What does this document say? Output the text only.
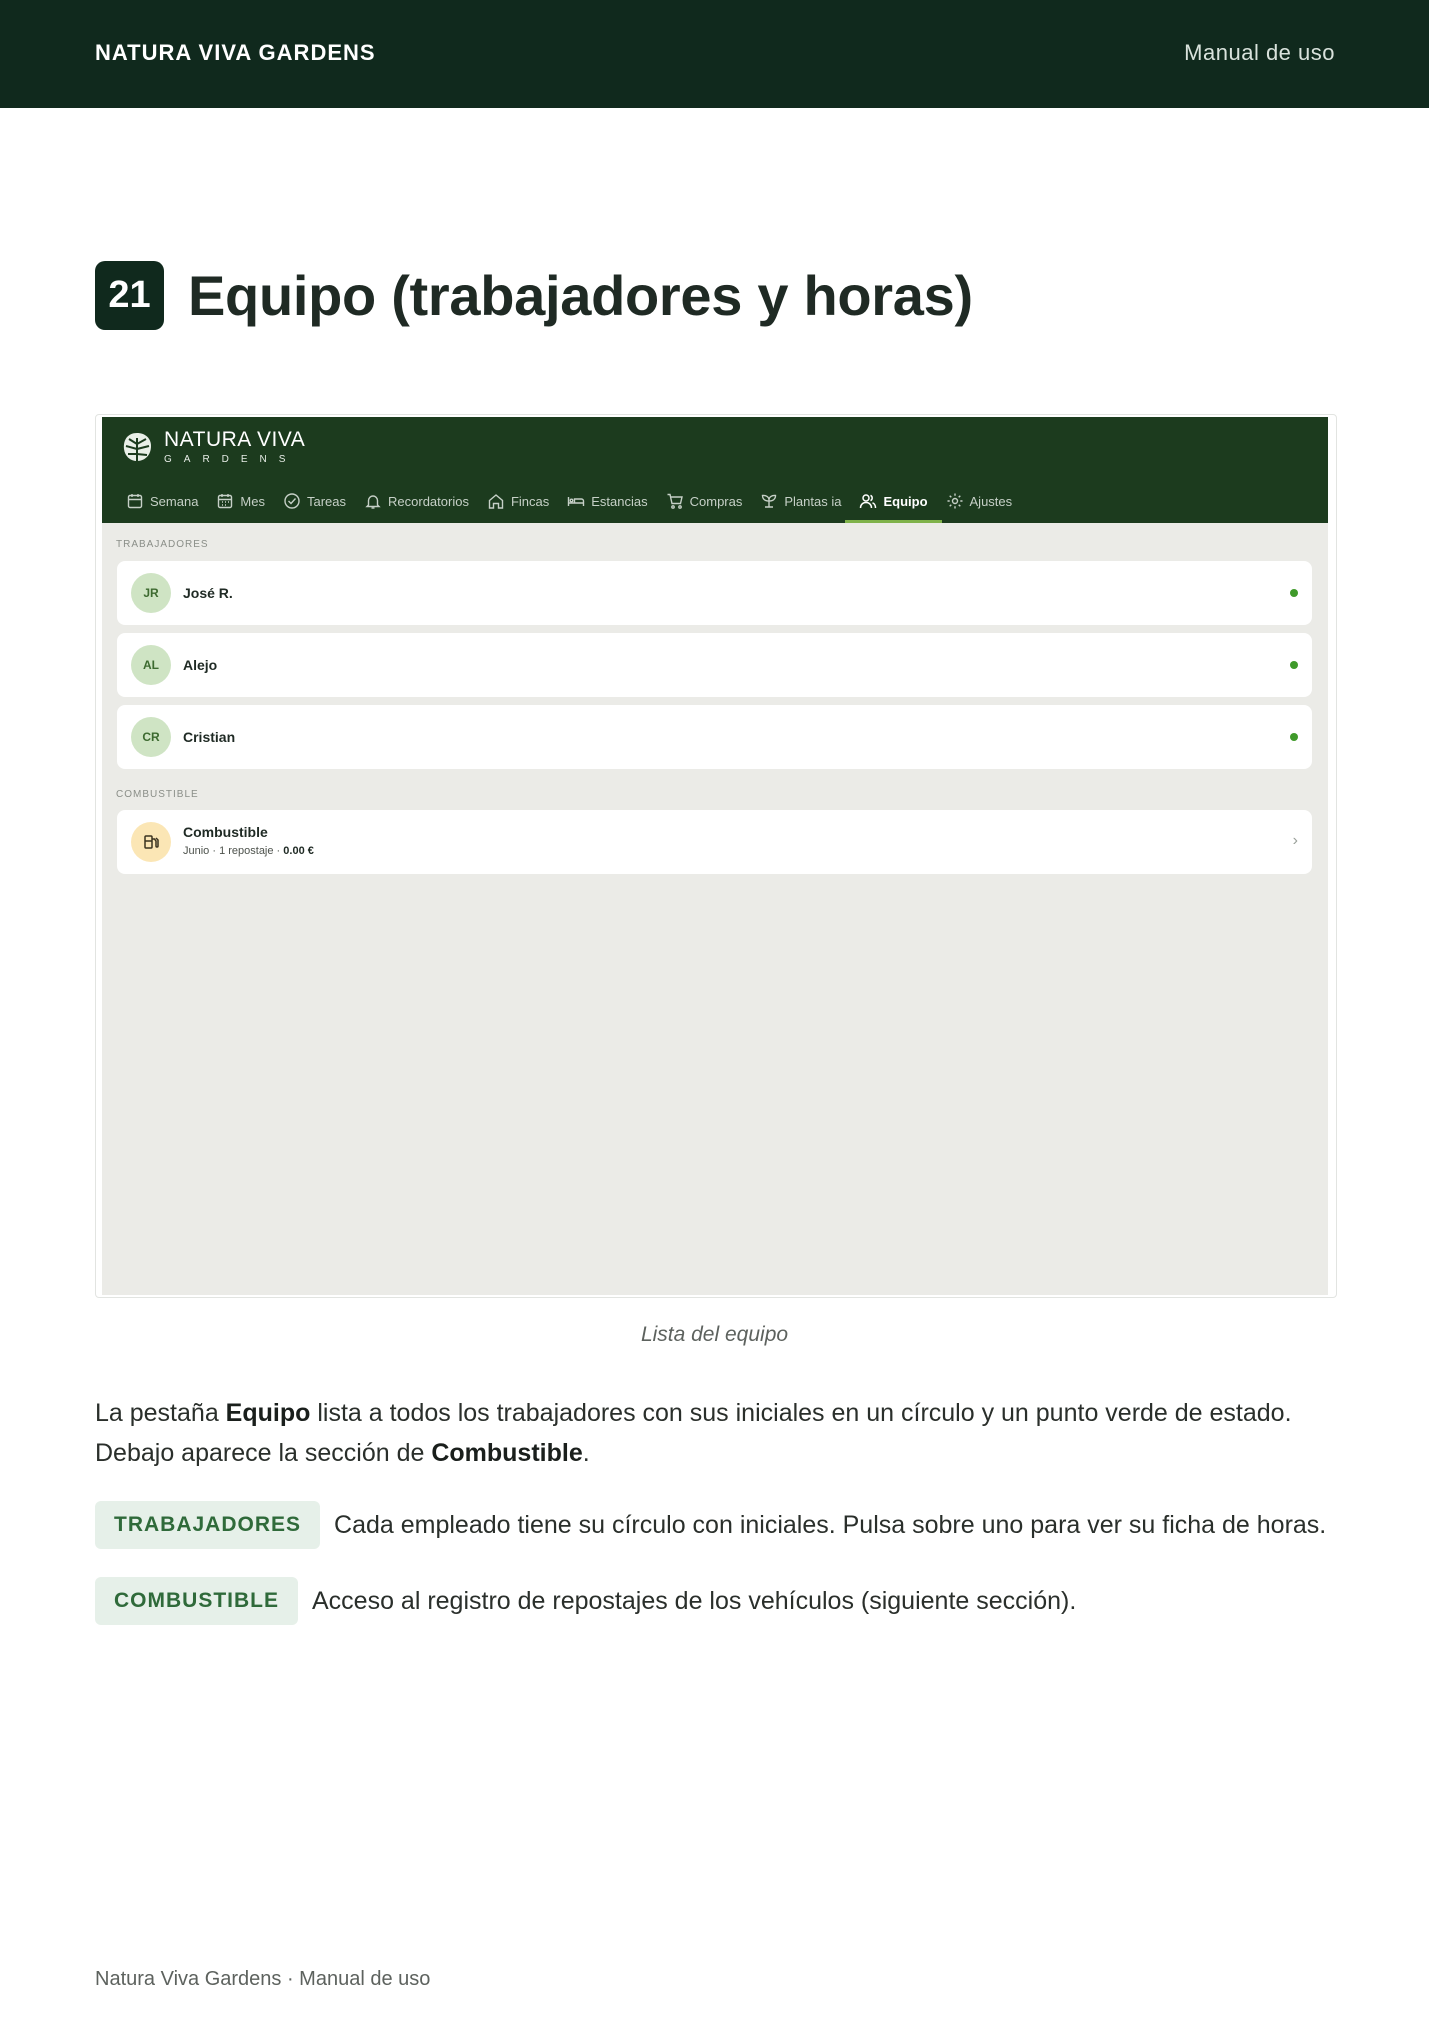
NATURA VIVA GARDENS	Manual de uso
21 Equipo (trabajadores y horas)
NATURA VIVA
GARDENS
Semana	Mes	Tareas	Recordatorios	Fincas	Estancias	Compras	Plantas ia	Equipo	Ajustes
TRABAJADORES
JR	José R.
AL	Alejo
CR	Cristian
COMBUSTIBLE
Combustible
Junio · 1 repostaje · 0.00 €
›
Lista del equipo
La pestaña Equipo lista a todos los trabajadores con sus iniciales en un círculo y un punto verde de estado. Debajo aparece la sección de Combustible.
TRABAJADORES	Cada empleado tiene su círculo con iniciales. Pulsa sobre uno para ver su ficha de horas.
COMBUSTIBLE	Acceso al registro de repostajes de los vehículos (siguiente sección).
Natura Viva Gardens · Manual de uso
